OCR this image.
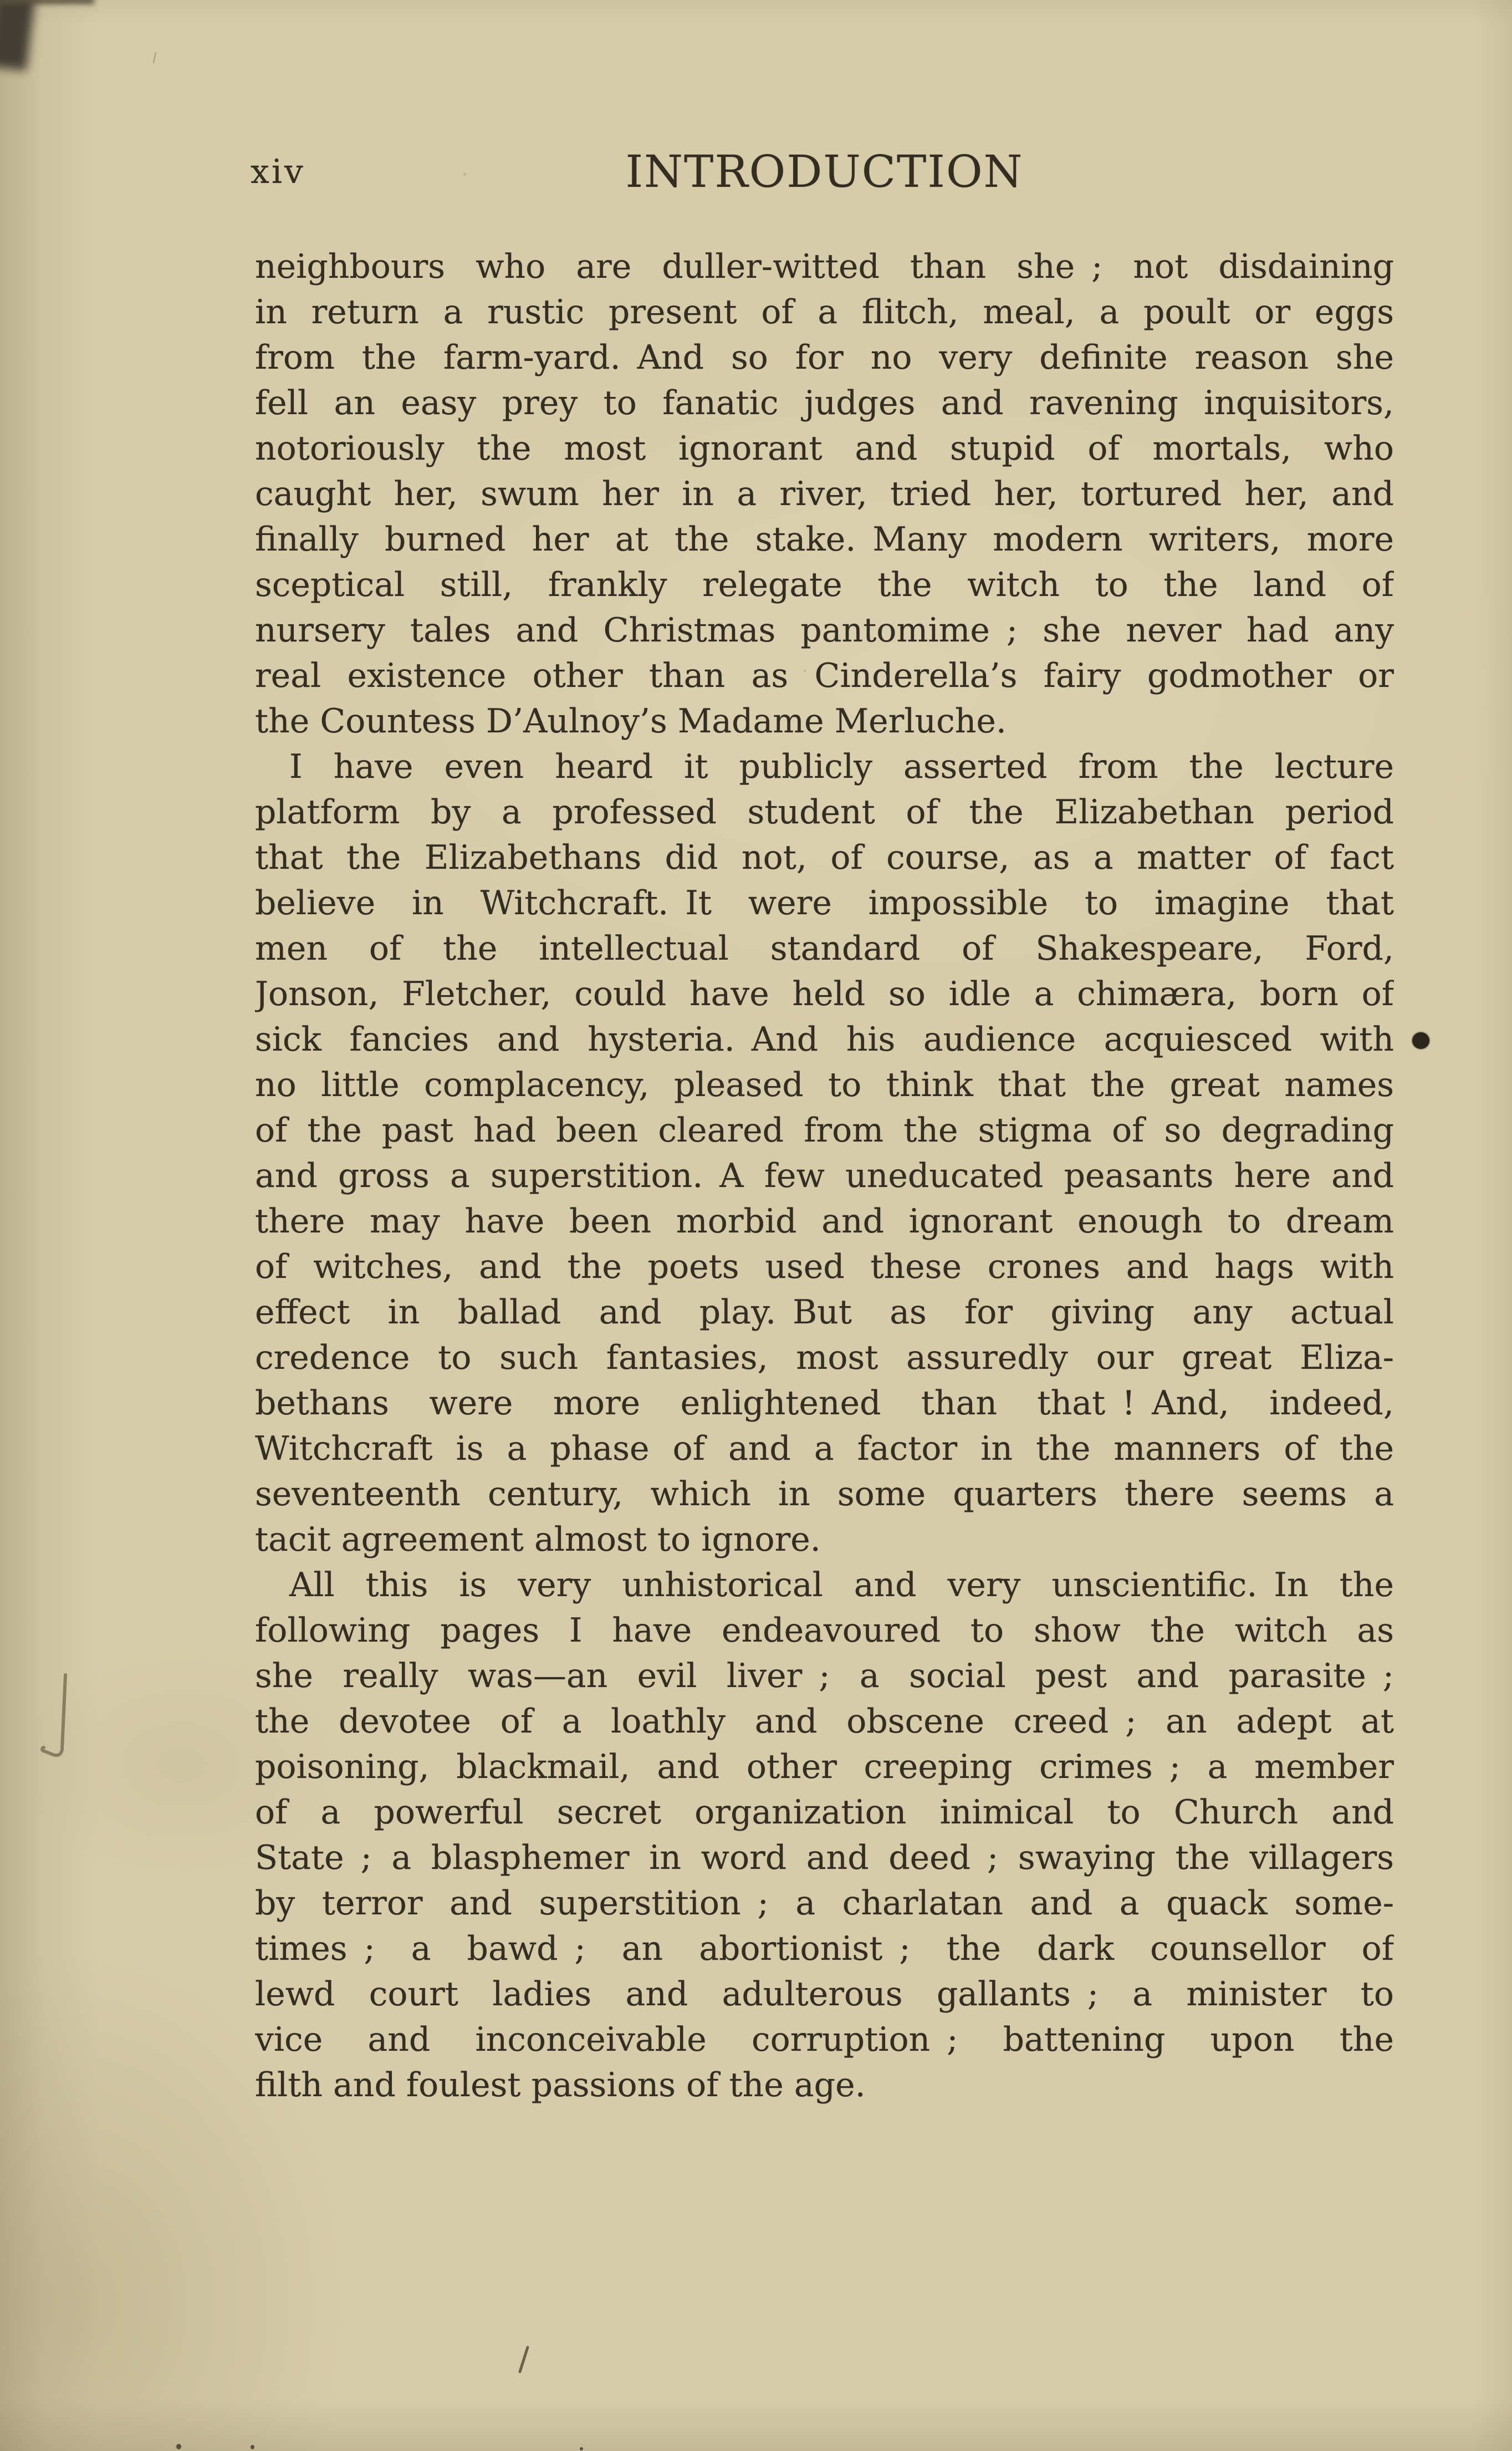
xiv	INTRODUCTION
neighbours who are duller-witted than she ; not disdaining
in return a rustic present of a flitch, meal, a poult or eggs
from the farm-yard. And so for no very definite reason she
fell an easy prey to fanatic judges and ravening inquisitors,
notoriously the most ignorant and stupid of mortals, who
caught her, swum her in a river, tried her, tortured her, and
finally burned her at the stake. Many modern writers, more
sceptical still, frankly relegate the witch to the land of
nursery tales and Christmas pantomime ; she never had any
real existence other than as Cinderella’s fairy godmother or
the Countess D’Aulnoy’s Madame Merluche.
I have even heard it publicly asserted from the lecture
platform by a professed student of the Elizabethan period
that the Elizabethans did not, of course, as a matter of fact
believe in Witchcraft. It were impossible to imagine that
men of the intellectual standard of Shakespeare, Ford,
Jonson, Fletcher, could have held so idle a chimæra, born of
sick fancies and hysteria. And his audience acquiesced with
no little complacency, pleased to think that the great names
of the past had been cleared from the stigma of so degrading
and gross a superstition. A few uneducated peasants here and
there may have been morbid and ignorant enough to dream
of witches, and the poets used these crones and hags with
effect in ballad and play. But as for giving any actual
credence to such fantasies, most assuredly our great Eliza-
bethans were more enlightened than that ! And, indeed,
Witchcraft is a phase of and a factor in the manners of the
seventeenth century, which in some quarters there seems a
tacit agreement almost to ignore.
All this is very unhistorical and very unscientific. In the
following pages I have endeavoured to show the witch as
she really was—an evil liver ; a social pest and parasite ;
the devotee of a loathly and obscene creed ; an adept at
poisoning, blackmail, and other creeping crimes ; a member
of a powerful secret organization inimical to Church and
State ; a blasphemer in word and deed ; swaying the villagers
by terror and superstition ; a charlatan and a quack some-
times ; a bawd ; an abortionist ; the dark counsellor of
lewd court ladies and adulterous gallants ; a minister to
vice and inconceivable corruption ; battening upon the
filth and foulest passions of the age.
